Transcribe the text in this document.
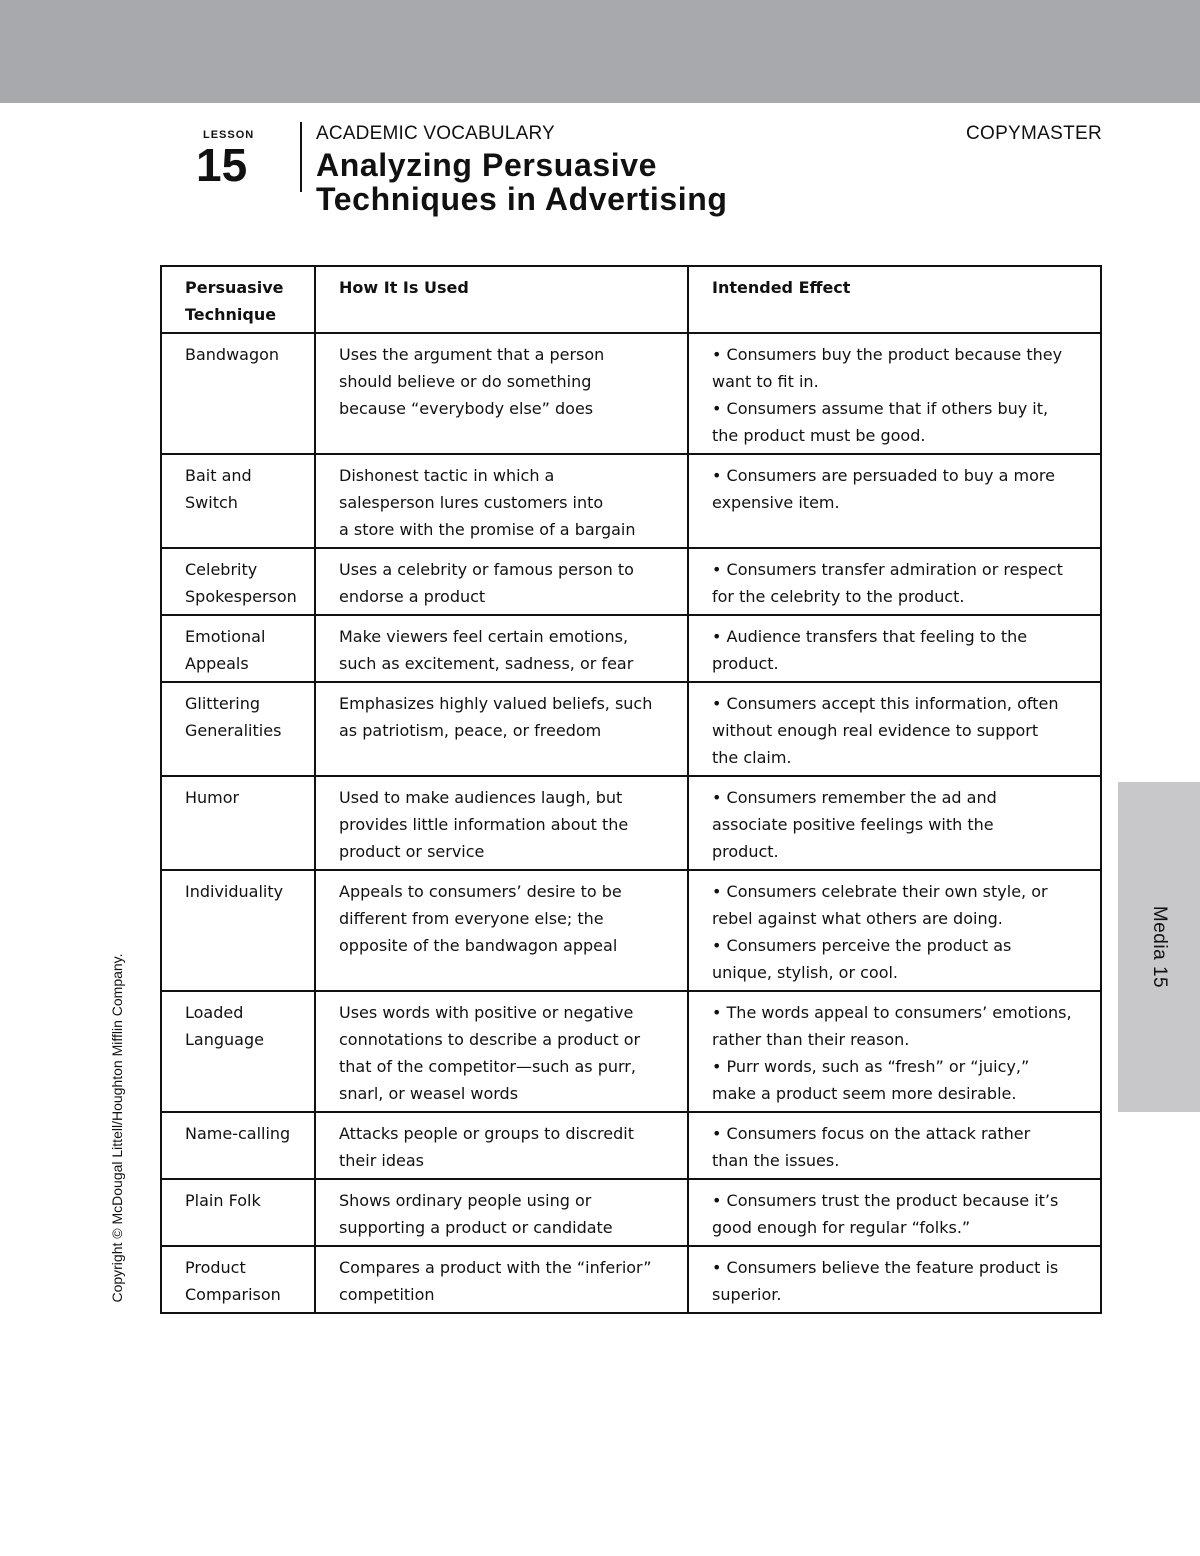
LESSON
15
ACADEMIC VOCABULARY	COPYMASTER
Analyzing Persuasive
Techniques in Advertising
Persuasive
Technique	How It Is Used	Intended Effect

Bandwagon	Uses the argument that a person
should believe or do something
because “everybody else” does	• Consumers buy the product because they
want to fit in.
• Consumers assume that if others buy it,
the product must be good.

Bait and
Switch	Dishonest tactic in which a
salesperson lures customers into
a store with the promise of a bargain	• Consumers are persuaded to buy a more
expensive item.

Celebrity
Spokesperson	Uses a celebrity or famous person to
endorse a product	• Consumers transfer admiration or respect
for the celebrity to the product.

Emotional
Appeals	Make viewers feel certain emotions,
such as excitement, sadness, or fear	• Audience transfers that feeling to the
product.

Glittering
Generalities	Emphasizes highly valued beliefs, such
as patriotism, peace, or freedom	• Consumers accept this information, often
without enough real evidence to support
the claim.

Humor	Used to make audiences laugh, but
provides little information about the
product or service	• Consumers remember the ad and
associate positive feelings with the
product.

Individuality	Appeals to consumers’ desire to be
different from everyone else; the
opposite of the bandwagon appeal	• Consumers celebrate their own style, or
rebel against what others are doing.
• Consumers perceive the product as
unique, stylish, or cool.

Loaded
Language	Uses words with positive or negative
connotations to describe a product or
that of the competitor—such as purr,
snarl, or weasel words	• The words appeal to consumers’ emotions,
rather than their reason.
• Purr words, such as “fresh” or “juicy,”
make a product seem more desirable.

Name-calling	Attacks people or groups to discredit
their ideas	• Consumers focus on the attack rather
than the issues.

Plain Folk	Shows ordinary people using or
supporting a product or candidate	• Consumers trust the product because it’s
good enough for regular “folks.”

Product
Comparison	Compares a product with the “inferior”
competition	• Consumers believe the feature product is
superior.
Media 15
Copyright © McDougal Littell/Houghton Mifflin Company.
